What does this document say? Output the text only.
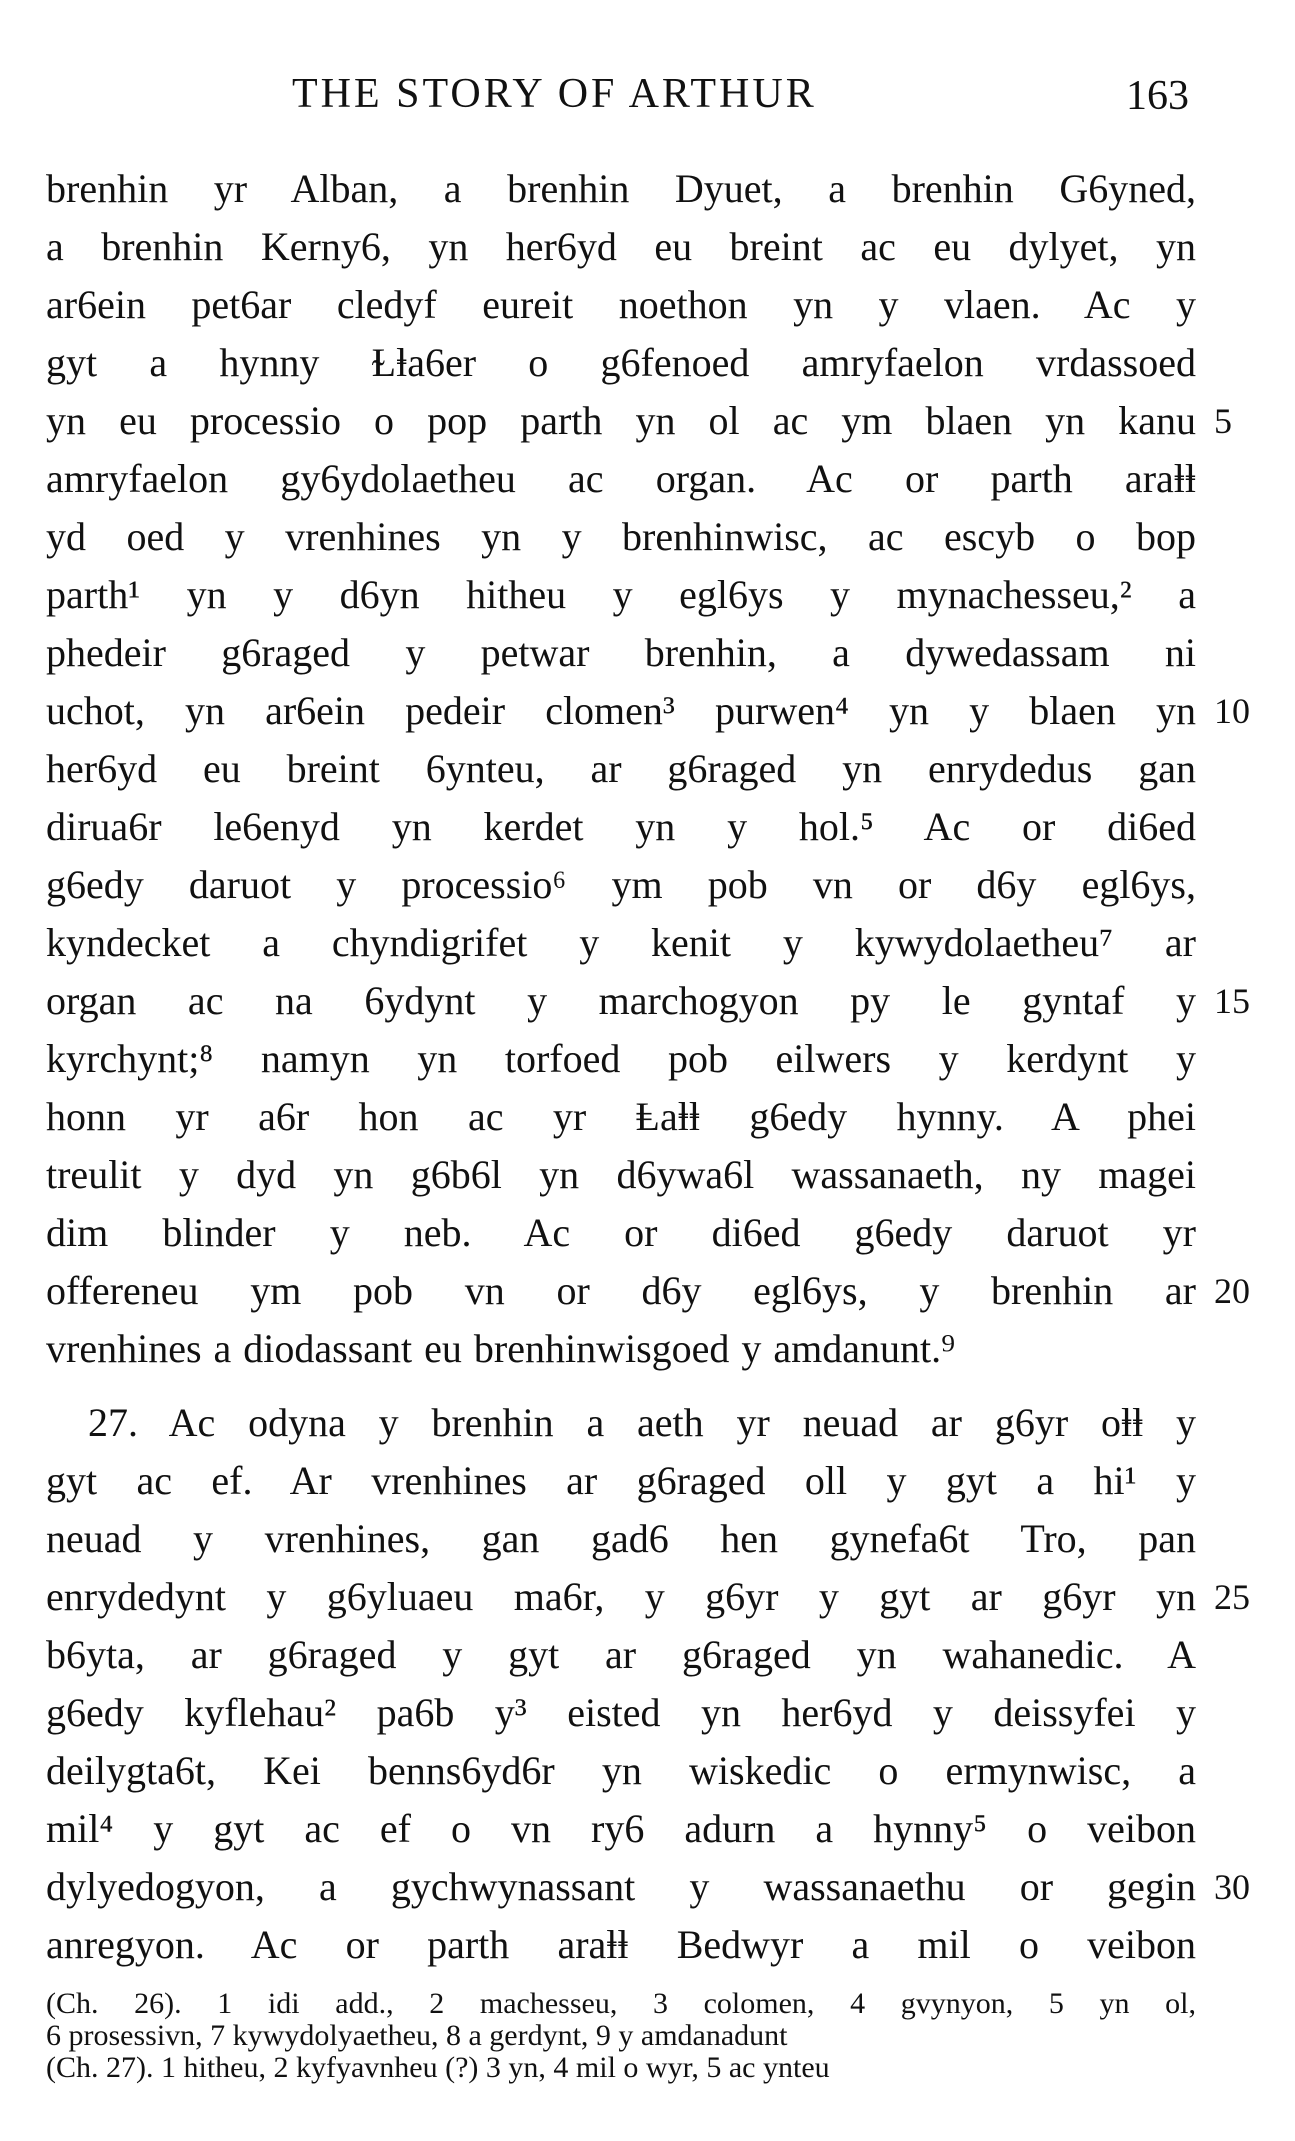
THE STORY OF ARTHUR	163
brenhin yr Alban, a brenhin Dyuet, a brenhin G6yned,
a brenhin Kerny6, yn her6yd eu breint ac eu dylyet, yn
ar6ein pet6ar cledyf eureit noethon yn y vlaen. Ac y
gyt a hynny Ɫⱡa6er o g6fenoed amryfaelon vrdassoed
yn eu processio o pop parth yn ol ac ym blaen yn kanu 5
amryfaelon gy6ydolaetheu ac organ. Ac or parth araⱡⱡ
yd oed y vrenhines yn y brenhinwisc, ac escyb o bop
parth¹ yn y d6yn hitheu y egl6ys y mynachesseu,² a
phedeir g6raged y petwar brenhin, a dywedassam ni
uchot, yn ar6ein pedeir clomen³ purwen⁴ yn y blaen yn 10
her6yd eu breint 6ynteu, ar g6raged yn enrydedus gan
diruа6r le6enyd yn kerdet yn y hol.⁵ Ac or di6ed
g6edy daruot y processio⁶ ym pob vn or d6y egl6ys,
kyndecket a chyndigrifet y kenit y kywydolaetheu⁷ ar
organ ac na 6ydynt y marchogyon py le gyntaf y 15
kyrchynt;⁸ namyn yn torfoed pob eilwers y kerdynt y
honn yr a6r hon ac yr Ⱡaⱡⱡ g6edy hynny. A phei
treulit y dyd yn g6b6l yn d6ywa6l wassanaeth, ny magei
dim blinder y neb. Ac or di6ed g6edy daruot yr
offereneu ym pob vn or d6y egl6ys, y brenhin ar 20
vrenhines a diodassant eu brenhinwisgoed y amdanunt.⁹
27. Ac odyna y brenhin a aeth yr neuad ar g6yr oⱡⱡ y
gyt ac ef. Ar vrenhines ar g6raged oll y gyt a hi¹ y
neuad y vrenhines, gan gad6 hen gynefa6t Tro, pan
enrydedynt y g6yluaeu ma6r, y g6yr y gyt ar g6yr yn 25
b6yta, ar g6raged y gyt ar g6raged yn wahanedic. A
g6edy kyflehau² pa6b y³ eisted yn her6yd y deissyfei y
deilygta6t, Kei benns6yd6r yn wiskedic o ermynwisc, a
mil⁴ y gyt ac ef o vn ry6 adurn a hynny⁵ o veibon
dylyedogyon, a gychwynassant y wassanaethu or gegin 30
anregyon. Ac or parth araⱡⱡ Bedwyr a mil o veibon
(Ch. 26). 1 idi add., 2 machesseu, 3 colomen, 4 gvynyon, 5 yn ol,
6 prosessivn, 7 kywydolyaetheu, 8 a gerdynt, 9 y amdanadunt
(Ch. 27). 1 hitheu, 2 kyfyavnheu (?) 3 yn, 4 mil o wyr, 5 ac ynteu
